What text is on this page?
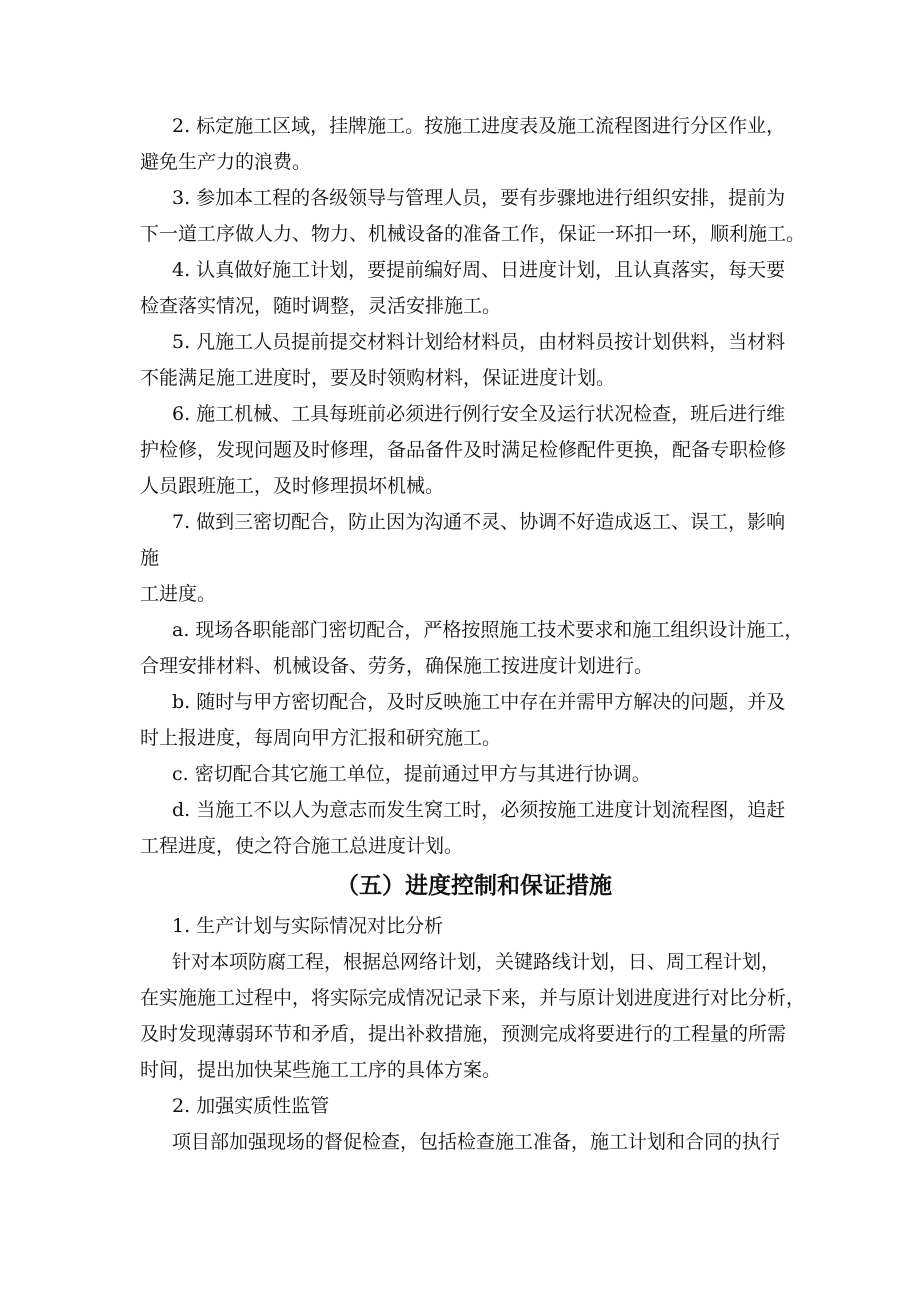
2. 标定施工区域，挂牌施工。按施工进度表及施工流程图进行分区作业，
避免生产力的浪费。

3. 参加本工程的各级领导与管理人员，要有步骤地进行组织安排，提前为
下一道工序做人力、物力、机械设备的准备工作，保证一环扣一环，顺利施工。

4. 认真做好施工计划，要提前编好周、日进度计划，且认真落实，每天要
检查落实情况，随时调整，灵活安排施工。

5. 凡施工人员提前提交材料计划给材料员，由材料员按计划供料，当材料
不能满足施工进度时，要及时领购材料，保证进度计划。

6. 施工机械、工具每班前必须进行例行安全及运行状况检查，班后进行维
护检修，发现问题及时修理，备品备件及时满足检修配件更换，配备专职检修
人员跟班施工，及时修理损坏机械。

7. 做到三密切配合，防止因为沟通不灵、协调不好造成返工、误工，影响
施
工进度。

a. 现场各职能部门密切配合，严格按照施工技术要求和施工组织设计施工，
合理安排材料、机械设备、劳务，确保施工按进度计划进行。

b. 随时与甲方密切配合，及时反映施工中存在并需甲方解决的问题，并及
时上报进度，每周向甲方汇报和研究施工。

c. 密切配合其它施工单位，提前通过甲方与其进行协调。

d. 当施工不以人为意志而发生窝工时，必须按施工进度计划流程图，追赶
工程进度，使之符合施工总进度计划。

（五）进度控制和保证措施

1. 生产计划与实际情况对比分析

针对本项防腐工程，根据总网络计划，关键路线计划，日、周工程计划，
在实施施工过程中，将实际完成情况记录下来，并与原计划进度进行对比分析，
及时发现薄弱环节和矛盾，提出补救措施，预测完成将要进行的工程量的所需
时间，提出加快某些施工工序的具体方案。

2. 加强实质性监管

项目部加强现场的督促检查，包括检查施工准备，施工计划和合同的执行
